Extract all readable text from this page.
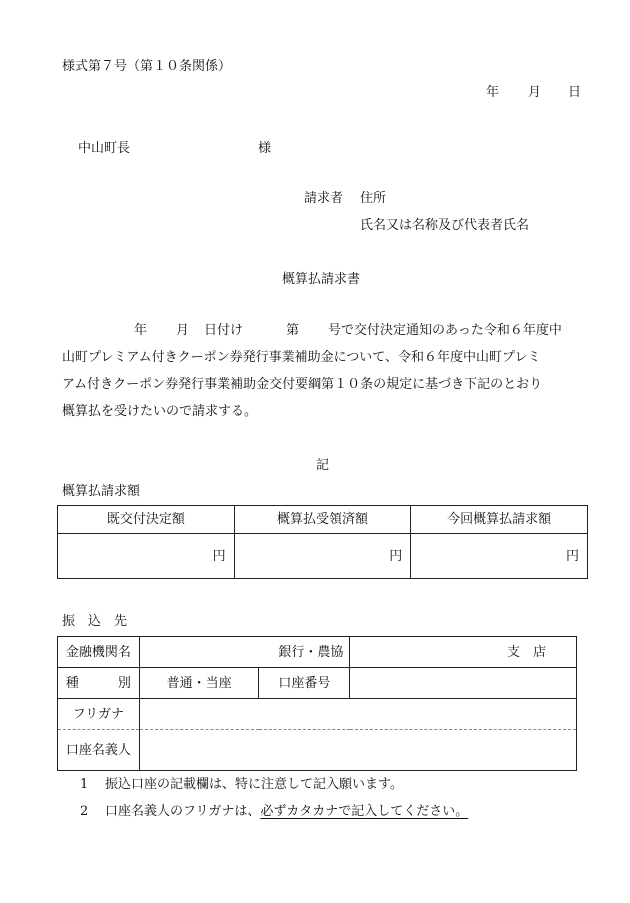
様式第７号（第１０条関係）
年 月 日
中山町長	様
請求者 住所
氏名又は名称及び代表者氏名
概算払請求書
年 月 日付け	第 号で交付決定通知のあった令和６年度中
山町プレミアム付きクーポン券発行事業補助金について、令和６年度中山町プレミ
アム付きクーポン券発行事業補助金交付要綱第１０条の規定に基づき下記のとおり
概算払を受けたいので請求する。
記
概算払請求額
既交付決定額	概算払受領済額	今回概算払請求額
円	円	円
振　込　先
金融機関名	銀行・農協		支　店
種　　　別	普通・当座	口座番号	
フリガナ			
口座名義人			
1 振込口座の記載欄は、特に注意して記入願います。
2 口座名義人のフリガナは、必ずカタカナで記入してください。
